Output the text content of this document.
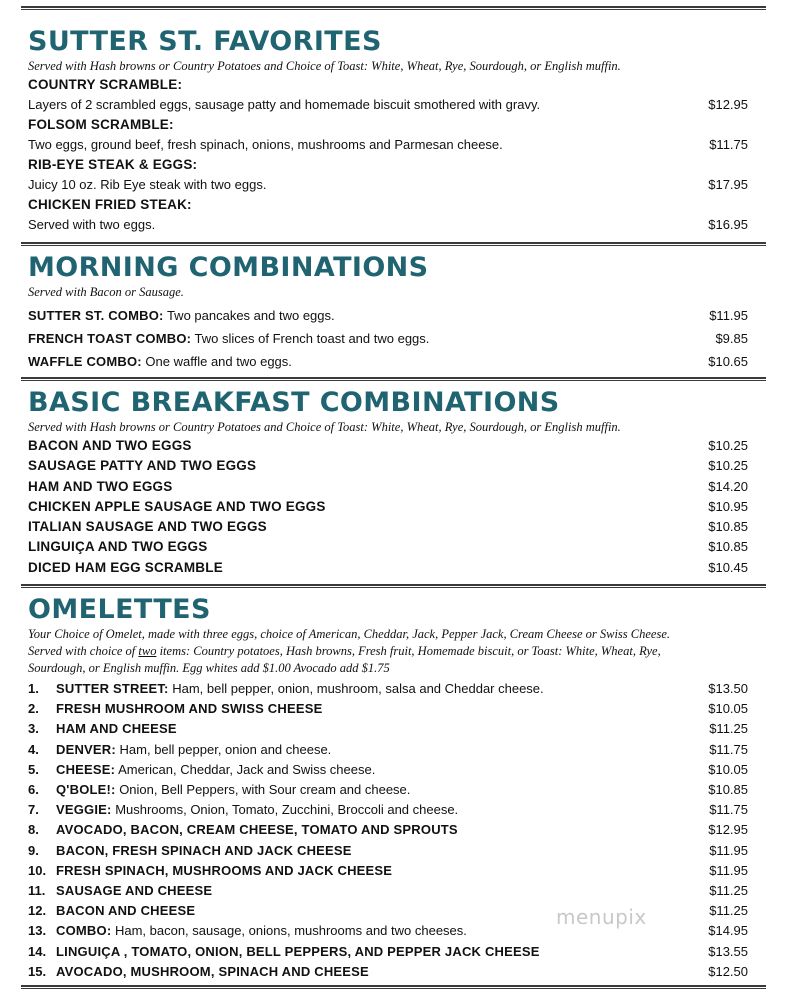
SUTTER ST. FAVORITES
Served with Hash browns or Country Potatoes and Choice of Toast: White, Wheat, Rye, Sourdough, or English muffin.
COUNTRY SCRAMBLE:
Layers of 2 scrambled eggs, sausage patty and homemade biscuit smothered with gravy.	$12.95
FOLSOM SCRAMBLE:
Two eggs, ground beef, fresh spinach, onions, mushrooms and Parmesan cheese.	$11.75
RIB-EYE STEAK & EGGS:
Juicy 10 oz. Rib Eye steak with two eggs.	$17.95
CHICKEN FRIED STEAK:
Served with two eggs.	$16.95
MORNING COMBINATIONS
Served with Bacon or Sausage.
SUTTER ST. COMBO: Two pancakes and two eggs.	$11.95
FRENCH TOAST COMBO: Two slices of French toast and two eggs.	$9.85
WAFFLE COMBO: One waffle and two eggs.	$10.65
BASIC BREAKFAST COMBINATIONS
Served with Hash browns or Country Potatoes and Choice of Toast: White, Wheat, Rye, Sourdough, or English muffin.
BACON AND TWO EGGS	$10.25
SAUSAGE PATTY AND TWO EGGS	$10.25
HAM AND TWO EGGS	$14.20
CHICKEN APPLE SAUSAGE AND TWO EGGS	$10.95
ITALIAN SAUSAGE AND TWO EGGS	$10.85
LINGUIÇA AND TWO EGGS	$10.85
DICED HAM EGG SCRAMBLE	$10.45
OMELETTES
Your Choice of Omelet, made with three eggs, choice of American, Cheddar, Jack, Pepper Jack, Cream Cheese or Swiss Cheese.
Served with choice of two items: Country potatoes, Hash browns, Fresh fruit, Homemade biscuit, or Toast: White, Wheat, Rye,
Sourdough, or English muffin. Egg whites add $1.00 Avocado add $1.75
1. SUTTER STREET: Ham, bell pepper, onion, mushroom, salsa and Cheddar cheese.	$13.50
2. FRESH MUSHROOM AND SWISS CHEESE	$10.05
3. HAM AND CHEESE	$11.25
4. DENVER: Ham, bell pepper, onion and cheese.	$11.75
5. CHEESE: American, Cheddar, Jack and Swiss cheese.	$10.05
6. Q'BOLE!: Onion, Bell Peppers, with Sour cream and cheese.	$10.85
7. VEGGIE: Mushrooms, Onion, Tomato, Zucchini, Broccoli and cheese.	$11.75
8. AVOCADO, BACON, CREAM CHEESE, TOMATO AND SPROUTS	$12.95
9. BACON, FRESH SPINACH AND JACK CHEESE	$11.95
10. FRESH SPINACH, MUSHROOMS AND JACK CHEESE	$11.95
11. SAUSAGE AND CHEESE	$11.25
12. BACON AND CHEESE	$11.25
13. COMBO: Ham, bacon, sausage, onions, mushrooms and two cheeses.	$14.95
14. LINGUIÇA , TOMATO, ONION, BELL PEPPERS, AND PEPPER JACK CHEESE	$13.55
15. AVOCADO, MUSHROOM, SPINACH AND CHEESE	$12.50
menupix
